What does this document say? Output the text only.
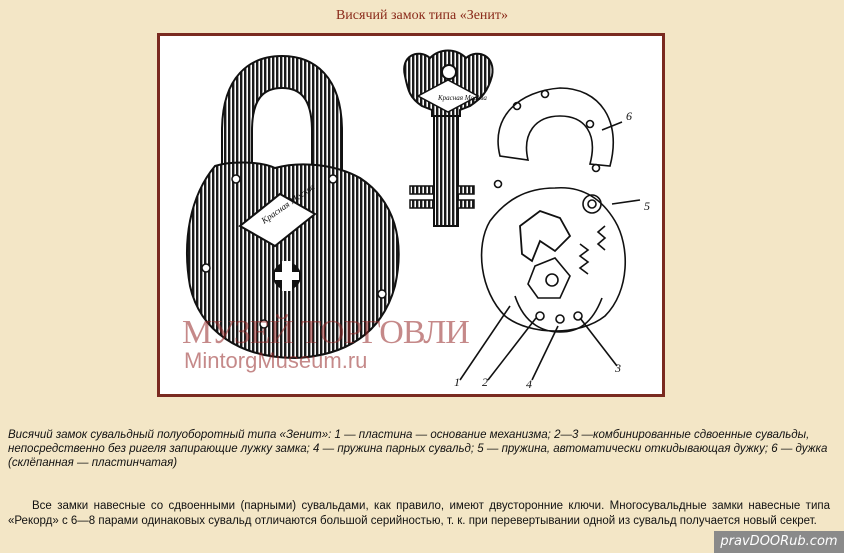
Висячий замок типа «Зенит»
Красная Москва
Красная Москва
1 2
3
4
5
6
МУЗЕЙ ТОРГОВЛИ
MintorgMuseum.ru
Висячий замок сувальдный полуоборотный типа «Зенит»: 1 — пластина — основание механизма; 2—3 —комбинированные сдвоенные сувальды, непосредственно без ригеля запирающие лужку замка; 4 — пружина парных сувальд; 5 — пружина, автоматически откидывающая дужку; 6 — дужка (склёпанная — пластинчатая)
Все замки навесные со сдвоенными (парными) сувальдами, как правило, имеют двусторонние ключи. Многосувальдные замки навесные типа «Рекорд» с 6—8 парами одинаковых сувальд отличаются большой серийностью, т. к. при перевертывании одной из сувальд получается новый секрет.
pravDOORub.com
